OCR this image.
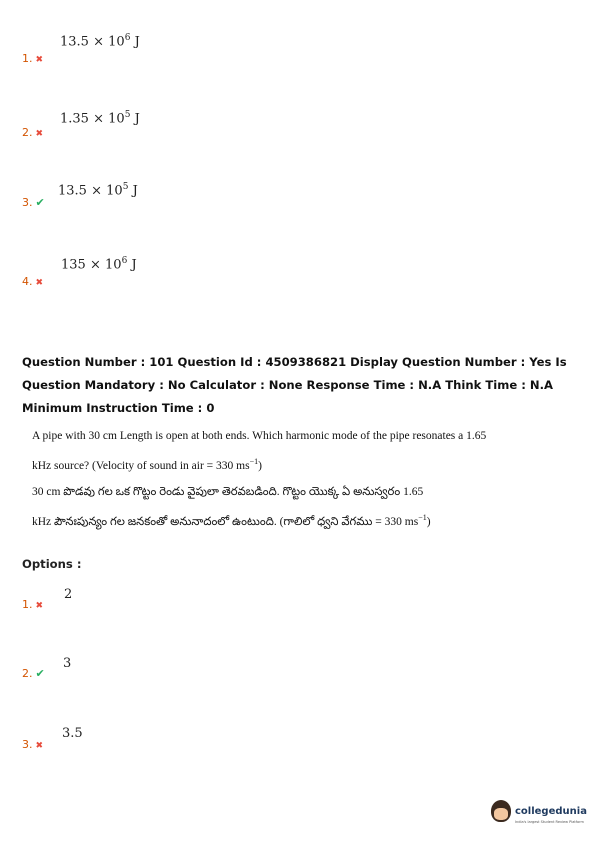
$13.5 \times 10^6$ J
1. ✖
$1.35 \times 10^5$ J
2. ✖
$13.5 \times 10^5$ J
3. ✔
$135 \times 10^6$ J
4. ✖
Question Number : 101 Question Id : 4509386821 Display Question Number : Yes Is Question Mandatory : No Calculator : None Response Time : N.A Think Time : N.A Minimum Instruction Time : 0
A pipe with 30 cm Length is open at both ends. Which harmonic mode of the pipe resonates a 1.65
kHz source? (Velocity of sound in air = 330 $ms^{-1}$)
30 cm పొడవు గల ఒక గొట్టం రెండు వైపులా తెరవబడింది. గొట్టం యొక్క ఏ అనుస్వరం 1.65
kHz పౌనఃపున్యం గల జనకంతో అనునాదంలో ఉంటుంది. (గాలిలో ధ్వని వేగము = 330 $ms^{-1}$)
Options :
2
1. ✖
3
2. ✔
3.5
3. ✖
collegedunia
India's largest Student Review Platform
